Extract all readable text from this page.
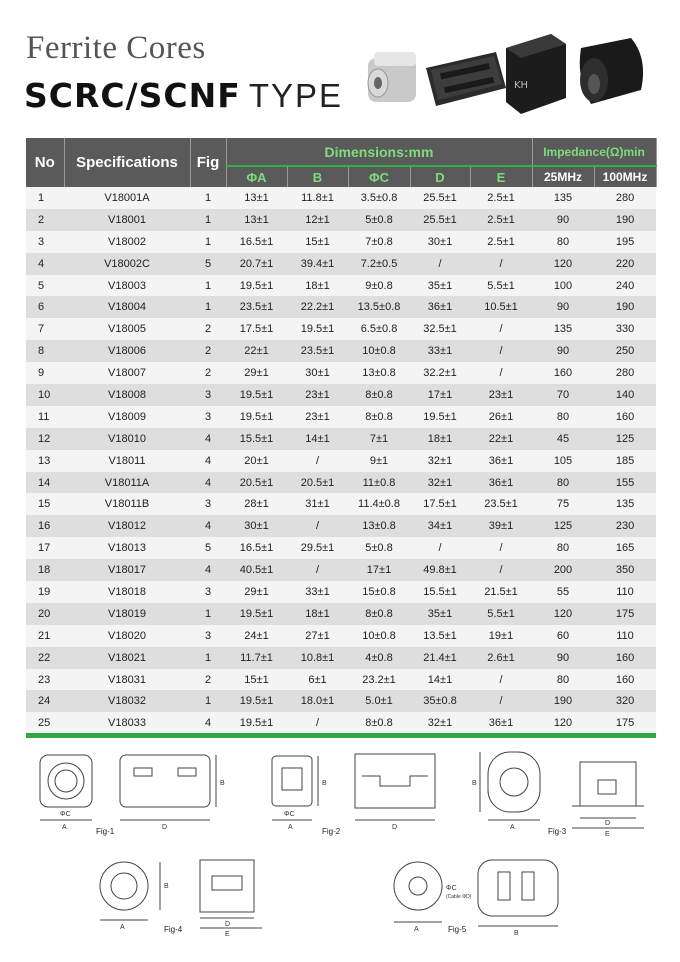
Ferrite Cores
SCRC/SCNF TYPE	KH
No	Specifications	Fig	Dimensions:mm					Impedance(Ω)min	
			ΦA	B	ΦC	D	E	25MHz	100MHz
1	V18001A	1	13±1	11.8±1	3.5±0.8	25.5±1	2.5±1	135	280
2	V18001	1	13±1	12±1	5±0.8	25.5±1	2.5±1	90	190
3	V18002	1	16.5±1	15±1	7±0.8	30±1	2.5±1	80	195
4	V18002C	5	20.7±1	39.4±1	7.2±0.5	/	/	120	220
5	V18003	1	19.5±1	18±1	9±0.8	35±1	5.5±1	100	240
6	V18004	1	23.5±1	22.2±1	13.5±0.8	36±1	10.5±1	90	190
7	V18005	2	17.5±1	19.5±1	6.5±0.8	32.5±1	/	135	330
8	V18006	2	22±1	23.5±1	10±0.8	33±1	/	90	250
9	V18007	2	29±1	30±1	13±0.8	32.2±1	/	160	280
10	V18008	3	19.5±1	23±1	8±0.8	17±1	23±1	70	140
11	V18009	3	19.5±1	23±1	8±0.8	19.5±1	26±1	80	160
12	V18010	4	15.5±1	14±1	7±1	18±1	22±1	45	125
13	V18011	4	20±1	/	9±1	32±1	36±1	105	185
14	V18011A	4	20.5±1	20.5±1	11±0.8	32±1	36±1	80	155
15	V18011B	3	28±1	31±1	11.4±0.8	17.5±1	23.5±1	75	135
16	V18012	4	30±1	/	13±0.8	34±1	39±1	125	230
17	V18013	5	16.5±1	29.5±1	5±0.8	/	/	80	165
18	V18017	4	40.5±1	/	17±1	49.8±1	/	200	350
19	V18018	3	29±1	33±1	15±0.8	15.5±1	21.5±1	55	110
20	V18019	1	19.5±1	18±1	8±0.8	35±1	5.5±1	120	175
21	V18020	3	24±1	27±1	10±0.8	13.5±1	19±1	60	110
22	V18021	1	11.7±1	10.8±1	4±0.8	21.4±1	2.6±1	90	160
23	V18031	2	15±1	6±1	23.2±1	14±1	/	80	160
24	V18032	1	19.5±1	18.0±1	5.0±1	35±0.8	/	190	320
25	V18033	4	19.5±1	/	8±0.8	32±1	36±1	120	175
A	D
B
ΦC
A
B
D
ΦC
A
B
D
E
A
B
D
E
A
B
ΦC
(Cable ΦD)
Fig-1	Fig-2	Fig-3
Fig-4	Fig-5
